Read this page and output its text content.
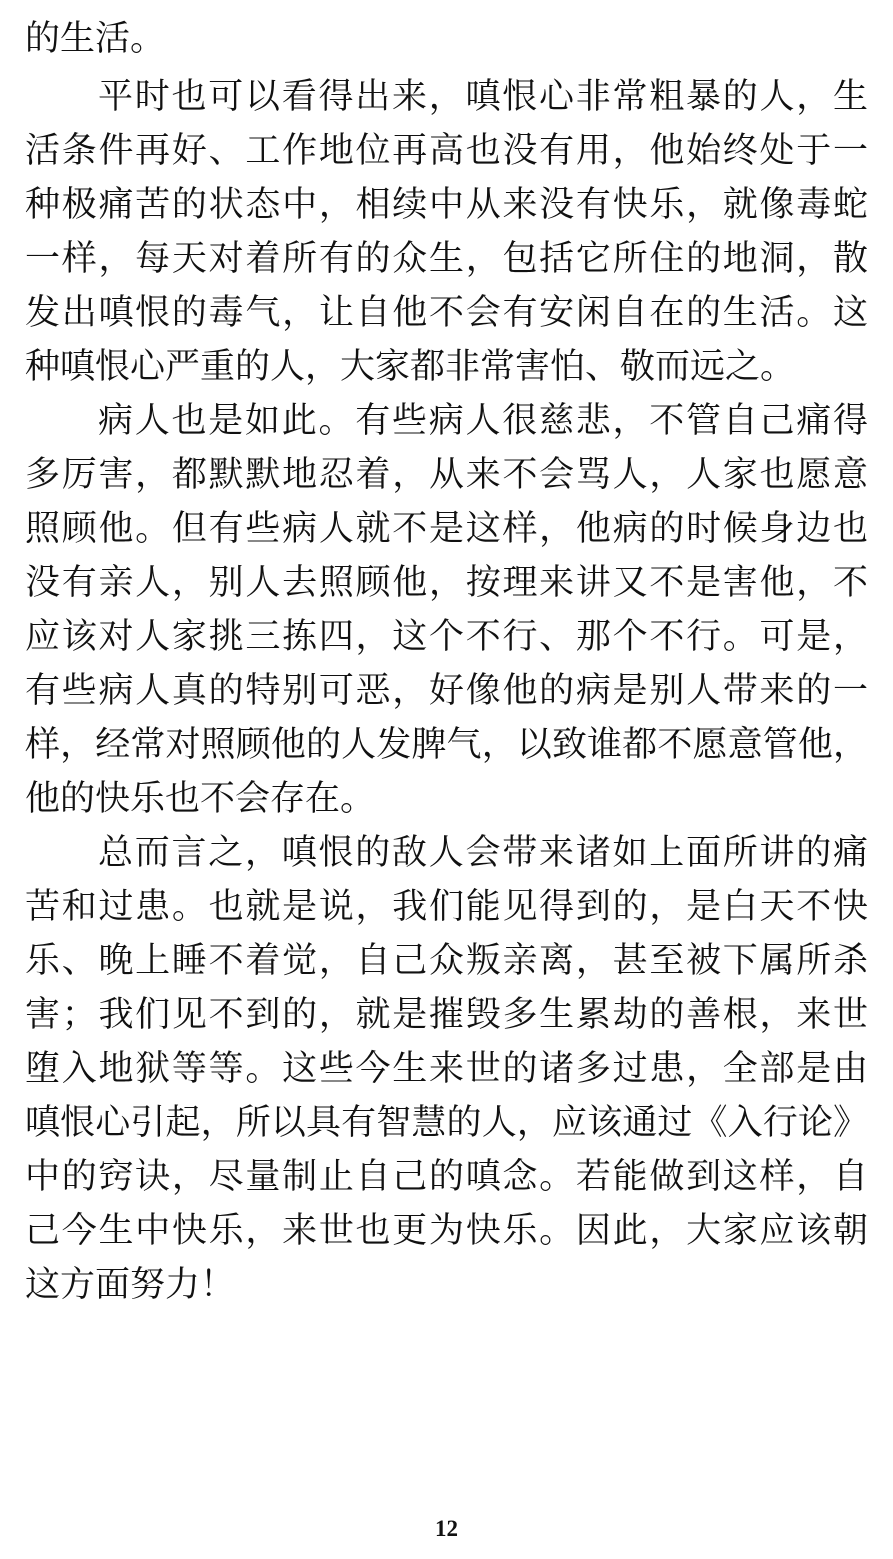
的生活。
平时也可以看得出来，嗔恨心非常粗暴的人，生
活条件再好、工作地位再高也没有用，他始终处于一
种极痛苦的状态中，相续中从来没有快乐，就像毒蛇
一样，每天对着所有的众生，包括它所住的地洞，散
发出嗔恨的毒气，让自他不会有安闲自在的生活。这
种嗔恨心严重的人，大家都非常害怕、敬而远之。
病人也是如此。有些病人很慈悲，不管自己痛得
多厉害，都默默地忍着，从来不会骂人，人家也愿意
照顾他。但有些病人就不是这样，他病的时候身边也
没有亲人，别人去照顾他，按理来讲又不是害他，不
应该对人家挑三拣四，这个不行、那个不行。可是，
有些病人真的特别可恶，好像他的病是别人带来的一
样，经常对照顾他的人发脾气，以致谁都不愿意管他，
他的快乐也不会存在。
总而言之，嗔恨的敌人会带来诸如上面所讲的痛
苦和过患。也就是说，我们能见得到的，是白天不快
乐、晚上睡不着觉，自己众叛亲离，甚至被下属所杀
害；我们见不到的，就是摧毁多生累劫的善根，来世
堕入地狱等等。这些今生来世的诸多过患，全部是由
嗔恨心引起，所以具有智慧的人，应该通过《入行论》
中的窍诀，尽量制止自己的嗔念。若能做到这样，自
己今生中快乐，来世也更为快乐。因此，大家应该朝
这方面努力！
12
